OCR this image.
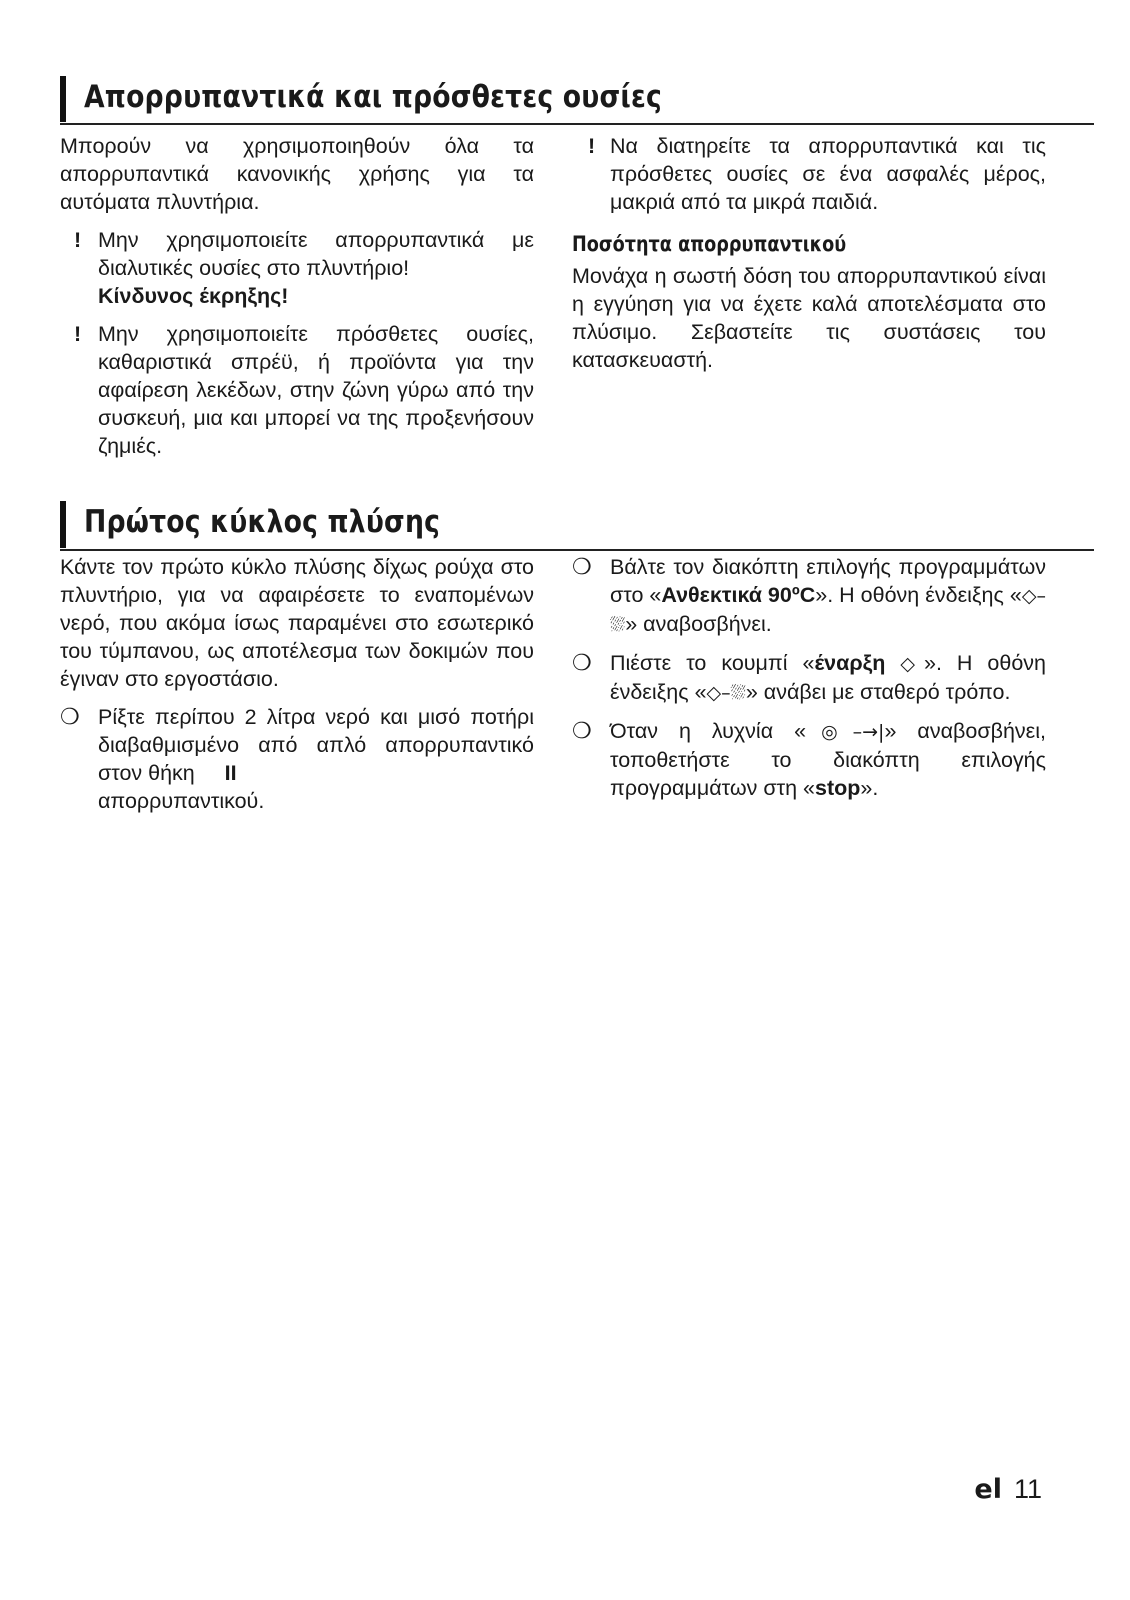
Απορρυπαντικά και πρόσθετες ουσίες

Μπορούν να χρησιμοποιηθούν όλα τα απορρυπαντικά κανονικής χρήσης για τα αυτόματα πλυντήρια.

! Μην χρησιμοποιείτε απορρυπαντικά με διαλυτικές ουσίες στο πλυντήριο!
Κίνδυνος έκρηξης!

! Μην χρησιμοποιείτε πρόσθετες ουσίες, καθαριστικά σπρέϋ, ή προϊόντα για την αφαίρεση λεκέδων, στην ζώνη γύρω από την συσκευή, μια και μπορεί να της προξενήσουν ζημιές.

! Να διατηρείτε τα απορρυπαντικά και τις πρόσθετες ουσίες σε ένα ασφαλές μέρος, μακριά από τα μικρά παιδιά.

Ποσότητα απορρυπαντικού

Μονάχα η σωστή δόση του απορρυπαντικού είναι η εγγύηση για να έχετε καλά αποτελέσματα στο πλύσιμο. Σεβαστείτε τις συστάσεις του κατασκευαστή.

Πρώτος κύκλος πλύσης

Κάντε τον πρώτο κύκλο πλύσης δίχως ρούχα στο πλυντήριο, για να αφαιρέσετε το εναπομένων νερό, που ακόμα ίσως παραμένει στο εσωτερικό του τύμπανου, ως αποτέλεσμα των δοκιμών που έγιναν στο εργοστάσιο.

❍ Ρίξτε περίπου 2 λίτρα νερό και μισό ποτήρι διαβαθμισμένο από απλό απορρυπαντικό στον θήκη II
απορρυπαντικού.

❍ Βάλτε τον διακόπτη επιλογής προγραμμάτων στο «Ανθεκτικά 90ºC». Η οθόνη ένδειξης «◇–⛆» αναβοσβήνει.

❍ Πιέστε το κουμπί «έναρξη ◇». Η οθόνη ένδειξης «◇–⛆» ανάβει με σταθερό τρόπο.

❍ Όταν η λυχνία «◎–→|» αναβοσβήνει, τοποθετήστε το διακόπτη επιλογής προγραμμάτων στη «stop».

el 11
